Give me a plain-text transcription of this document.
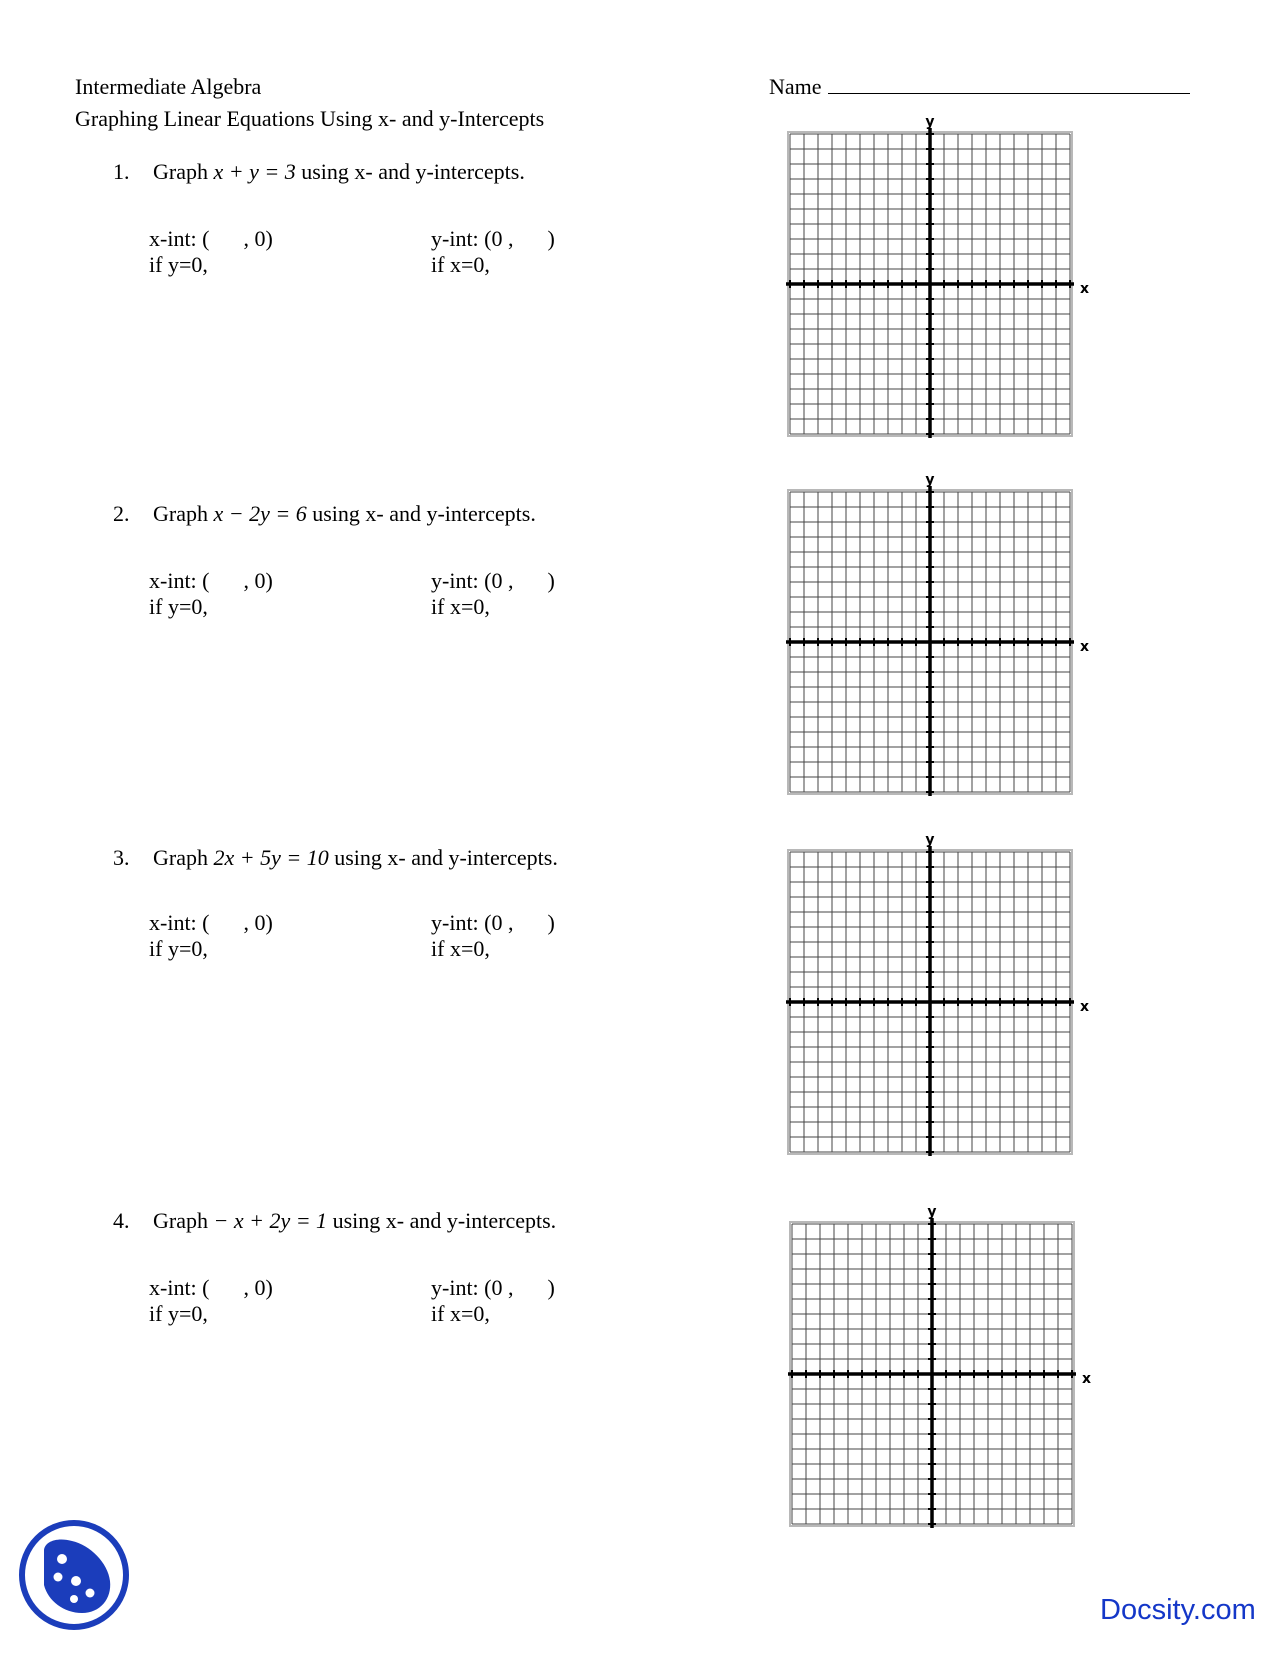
Intermediate Algebra
Graphing Linear Equations Using x- and y-Intercepts
Name
1. Graph x + y = 3 using x- and y-intercepts.
x-int: ( , 0)
if y=0,
y-int: (0 , )
if x=0,
2. Graph x − 2y = 6 using x- and y-intercepts.
x-int: ( , 0)
if y=0,
y-int: (0 , )
if x=0,
3. Graph 2x + 5y = 10 using x- and y-intercepts.
x-int: ( , 0)
if y=0,
y-int: (0 , )
if x=0,
4. Graph − x + 2y = 1 using x- and y-intercepts.
x-int: ( , 0)
if y=0,
y-int: (0 , )
if x=0,
y
x
y
x
y
x
y
x
Docsity.com
